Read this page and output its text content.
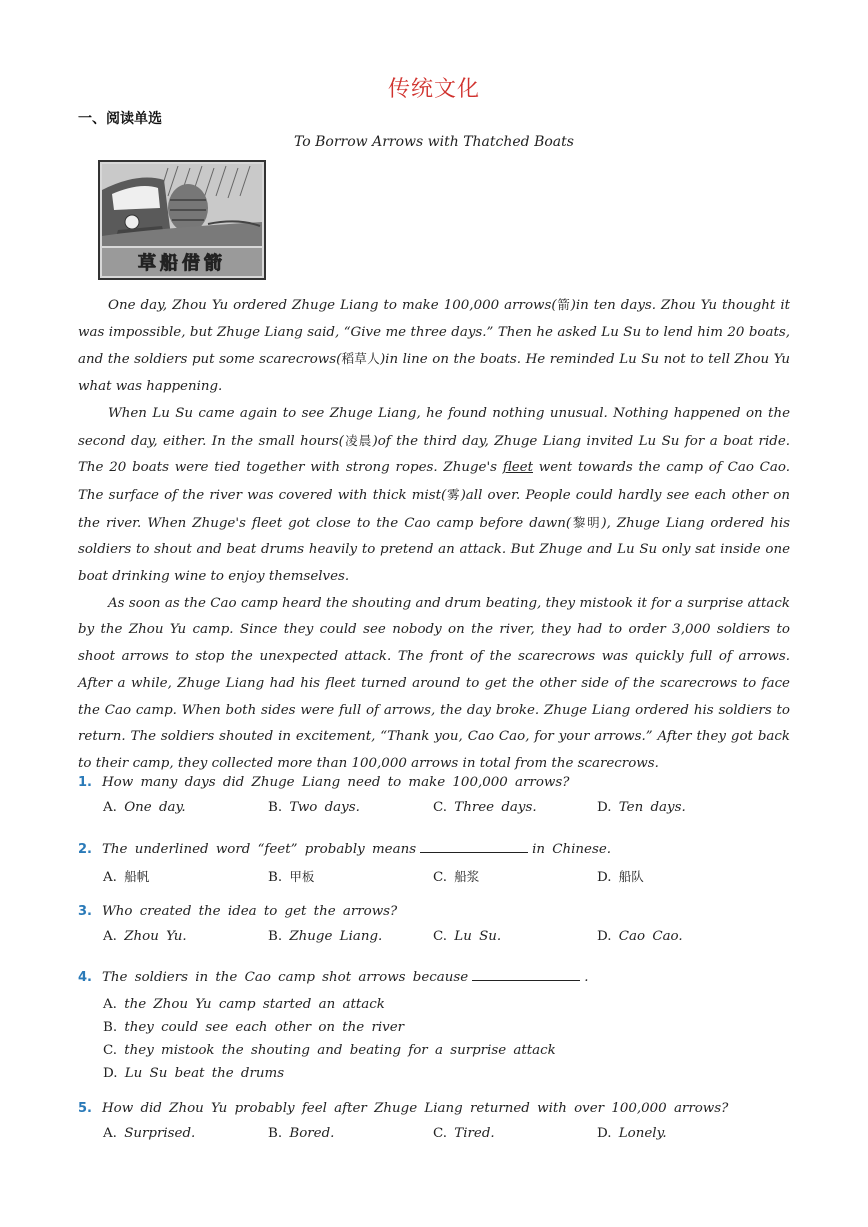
传统文化
一、阅读单选
To Borrow Arrows with Thatched Boats
草船借箭

One day, Zhou Yu ordered Zhuge Liang to make 100,000 arrows(箭)in ten days. Zhou Yu thought it was impossible, but Zhuge Liang said, “Give me three days.” Then he asked Lu Su to lend him 20 boats, and the soldiers put some scarecrows(稻草人)in line on the boats. He reminded Lu Su not to tell Zhou Yu what was happening.

When Lu Su came again to see Zhuge Liang, he found nothing unusual. Nothing happened on the second day, either. In the small hours(凌晨)of the third day, Zhuge Liang invited Lu Su for a boat ride. The 20 boats were tied together with strong ropes. Zhuge's fleet went towards the camp of Cao Cao. The surface of the river was covered with thick mist(雾)all over. People could hardly see each other on the river. When Zhuge's fleet got close to the Cao camp before dawn(黎明), Zhuge Liang ordered his soldiers to shout and beat drums heavily to pretend an attack. But Zhuge and Lu Su only sat inside one boat drinking wine to enjoy themselves.

As soon as the Cao camp heard the shouting and drum beating, they mistook it for a surprise attack by the Zhou Yu camp. Since they could see nobody on the river, they had to order 3,000 soldiers to shoot arrows to stop the unexpected attack. The front of the scarecrows was quickly full of arrows. After a while, Zhuge Liang had his fleet turned around to get the other side of the scarecrows to face the Cao camp. When both sides were full of arrows, the day broke. Zhuge Liang ordered his soldiers to return. The soldiers shouted in excitement, “Thank you, Cao Cao, for your arrows.” After they got back to their camp, they collected more than 100,000 arrows in total from the scarecrows.

1. How many days did Zhuge Liang need to make 100,000 arrows?
A. One day.	B. Two days.	C. Three days.	D. Ten days.
2. The underlined word “feet” probably means	in Chinese.
A. 船帆	B. 甲板	C. 船浆	D. 船队
3. Who created the idea to get the arrows?
A. Zhou Yu.	B. Zhuge Liang.	C. Lu Su.	D. Cao Cao.
4. The soldiers in the Cao camp shot arrows because	.
A. the Zhou Yu camp started an attack
B. they could see each other on the river
C. they mistook the shouting and beating for a surprise attack
D. Lu Su beat the drums
5. How did Zhou Yu probably feel after Zhuge Liang returned with over 100,000 arrows?
A. Surprised.	B. Bored.	C. Tired.	D. Lonely.
